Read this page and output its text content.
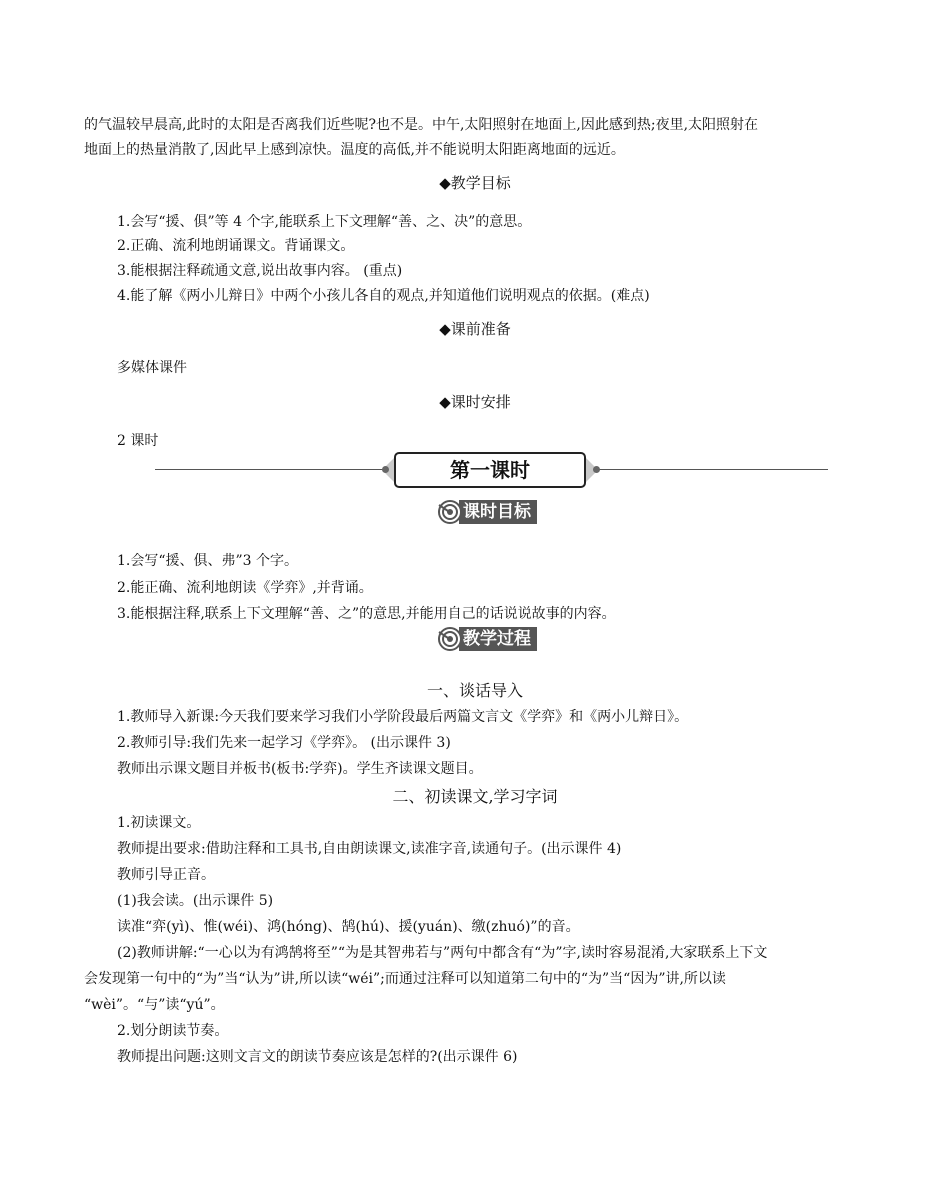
的气温较早晨高,此时的太阳是否离我们近些呢?也不是。中午,太阳照射在地面上,因此感到热;夜里,太阳照射在
地面上的热量消散了,因此早上感到凉快。温度的高低,并不能说明太阳距离地面的远近。
◆教学目标
1.会写“援、俱”等 4 个字,能联系上下文理解“善、之、决”的意思。
2.正确、流利地朗诵课文。背诵课文。
3.能根据注释疏通文意,说出故事内容。 (重点)
4.能了解《两小儿辩日》中两个小孩儿各自的观点,并知道他们说明观点的依据。(难点)
◆课前准备
多媒体课件
◆课时安排
2 课时
第一课时
课时目标
1.会写“援、俱、弗”3 个字。
2.能正确、流利地朗读《学弈》,并背诵。
3.能根据注释,联系上下文理解“善、之”的意思,并能用自己的话说说故事的内容。
教学过程
一、谈话导入
1.教师导入新课:今天我们要来学习我们小学阶段最后两篇文言文《学弈》和《两小儿辩日》。
2.教师引导:我们先来一起学习《学弈》。 (出示课件 3)
教师出示课文题目并板书(板书:学弈)。学生齐读课文题目。
二、初读课文,学习字词
1.初读课文。
教师提出要求:借助注释和工具书,自由朗读课文,读准字音,读通句子。(出示课件 4)
教师引导正音。
(1)我会读。(出示课件 5)
读准“弈(yì)、惟(wéi)、鸿(hóng)、鹄(hú)、援(yuán)、缴(zhuó)”的音。
(2)教师讲解:“一心以为有鸿鹄将至”“为是其智弗若与”两句中都含有“为”字,读时容易混淆,大家联系上下文
会发现第一句中的“为”当“认为”讲,所以读“wéi”;而通过注释可以知道第二句中的“为”当“因为”讲,所以读
“wèi”。“与”读“yú”。
2.划分朗读节奏。
教师提出问题:这则文言文的朗读节奏应该是怎样的?(出示课件 6)
